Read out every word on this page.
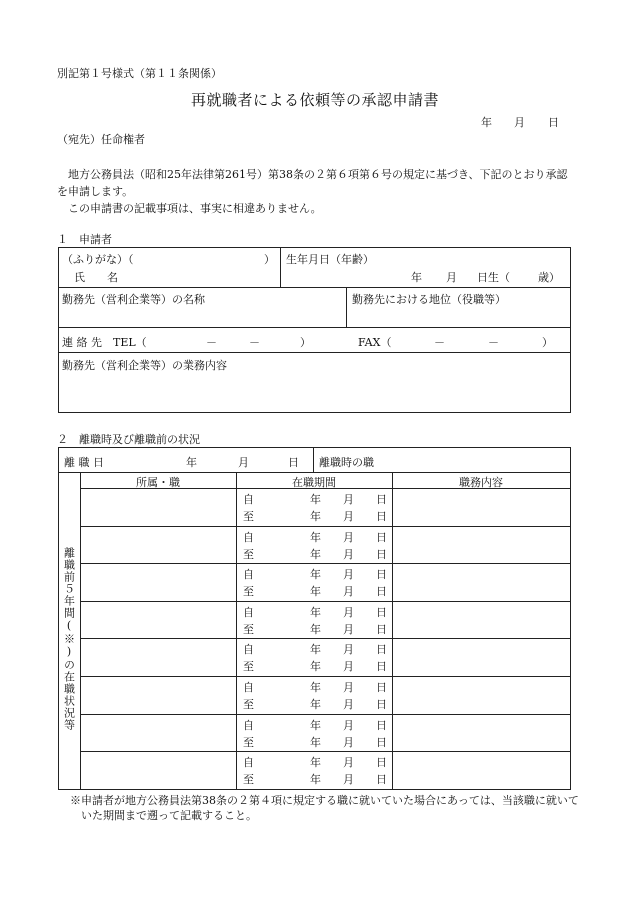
別記第１号様式（第１１条関係）
再就職者による依頼等の承認申請書
年 月 日
（宛先）任命権者
地方公務員法（昭和25年法律第261号）第38条の２第６項第６号の規定に基づき、下記のとおり承認を申請します。
この申請書の記載事項は、事実に相違ありません。
１　申請者
（ふりがな）（	）
氏　　名
生年月日（年齢）
年 月 日生（	歳）
勤務先（営利企業等）の名称	勤務先における地位（役職等）
連 絡 先　TEL（	－	－	）	FAX（	－	－	）
勤務先（営利企業等）の業務内容
２　離職時及び離職前の状況
離 職 日	年	月	日 離職時の職
所属・職	在職期間	職務内容
離職前５年間(※)の在職状況等
自	年 月 日
至	年 月 日
自	年 月 日
至	年 月 日
自	年 月 日
至	年 月 日
自	年 月 日
至	年 月 日
自	年 月 日
至	年 月 日
自	年 月 日
至	年 月 日
自	年 月 日
至	年 月 日
自	年 月 日
至	年 月 日
※申請者が地方公務員法第38条の２第４項に規定する職に就いていた場合にあっては、当該職に就いていた期間まで遡って記載すること。
